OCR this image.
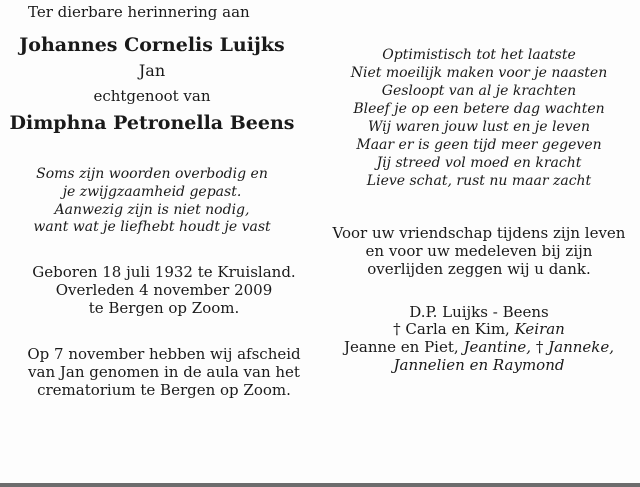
Ter dierbare herinnering aan
Johannes Cornelis Luijks
Jan
echtgenoot van
Dimphna Petronella Beens
Soms zijn woorden overbodig en
je zwijgzaamheid gepast.
Aanwezig zijn is niet nodig,
want wat je liefhebt houdt je vast
Geboren 18 juli 1932 te Kruisland.
Overleden 4 november 2009
te Bergen op Zoom.
Op 7 november hebben wij afscheid
van Jan genomen in de aula van het
crematorium te Bergen op Zoom.
Optimistisch tot het laatste
Niet moeilijk maken voor je naasten
Gesloopt van al je krachten
Bleef je op een betere dag wachten
Wij waren jouw lust en je leven
Maar er is geen tijd meer gegeven
Jij streed vol moed en kracht
Lieve schat, rust nu maar zacht
Voor uw vriendschap tijdens zijn leven
en voor uw medeleven bij zijn
overlijden zeggen wij u dank.
D.P. Luijks - Beens
† Carla en Kim, Keiran
Jeanne en Piet, Jeantine, † Janneke,
Jannelien en Raymond
